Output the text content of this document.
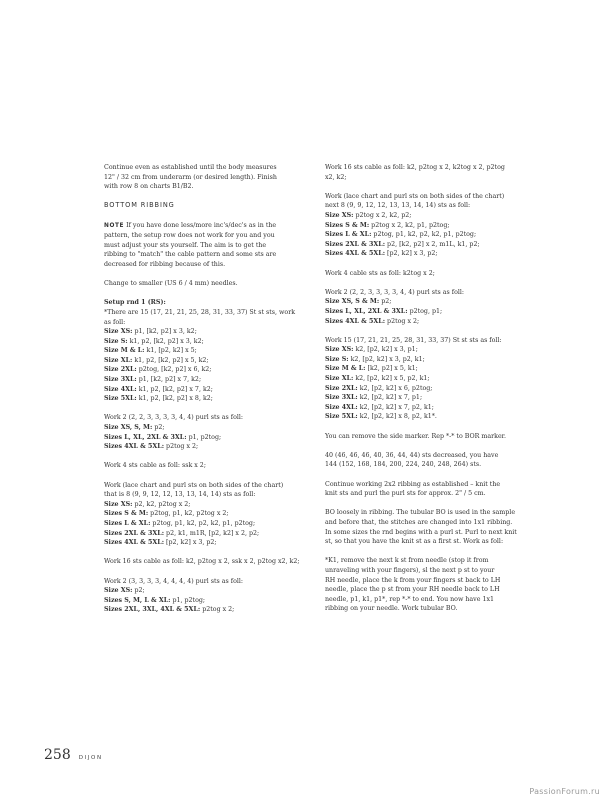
Continue even as established until the body measures
12" / 32 cm from underarm (or desired length). Finish
with row 8 on charts B1/B2.
BOTTOM RIBBING
NOTE If you have done less/more inc's/dec's as in the
pattern, the setup row does not work for you and you
must adjust your sts yourself. The aim is to get the
ribbing to "match" the cable pattern and some sts are
decreased for ribbing because of this.
Change to smaller (US 6 / 4 mm) needles.
Setup rnd 1 (RS):
*There are 15 (17, 21, 21, 25, 28, 31, 33, 37) St st sts, work
as foll:
Size XS: p1, [k2, p2] x 3, k2;
Size S: k1, p2, [k2, p2] x 3, k2;
Size M & L: k1, [p2, k2] x 5;
Size XL: k1, p2, [k2, p2] x 5, k2;
Size 2XL: p2tog, [k2, p2] x 6, k2;
Size 3XL: p1, [k2, p2] x 7, k2;
Size 4XL: k1, p2, [k2, p2] x 7, k2;
Size 5XL: k1, p2, [k2, p2] x 8, k2;
Work 2 (2, 2, 3, 3, 3, 3, 4, 4) purl sts as foll:
Size XS, S, M: p2;
Sizes L, XL, 2XL & 3XL: p1, p2tog;
Sizes 4XL & 5XL: p2tog x 2;
Work 4 sts cable as foll: ssk x 2;
Work (lace chart and purl sts on both sides of the chart)
that is 8 (9, 9, 12, 12, 13, 13, 14, 14) sts as foll:
Size XS: p2, k2, p2tog x 2;
Sizes S & M: p2tog, p1, k2, p2tog x 2;
Sizes L & XL: p2tog, p1, k2, p2, k2, p1, p2tog;
Sizes 2XL & 3XL: p2, k1, m1R, [p2, k2] x 2, p2;
Sizes 4XL & 5XL: [p2, k2] x 3, p2;
Work 16 sts cable as foll: k2, p2tog x 2, ssk x 2, p2tog x2, k2;
Work 2 (3, 3, 3, 3, 4, 4, 4, 4) purl sts as foll:
Size XS: p2;
Sizes S, M, L & XL: p1, p2tog;
Sizes 2XL, 3XL, 4XL & 5XL: p2tog x 2;
Work 16 sts cable as foll: k2, p2tog x 2, k2tog x 2, p2tog
x2, k2;
Work (lace chart and purl sts on both sides of the chart)
next 8 (9, 9, 12, 12, 13, 13, 14, 14) sts as foll:
Size XS: p2tog x 2, k2, p2;
Sizes S & M: p2tog x 2, k2, p1, p2tog;
Sizes L & XL: p2tog, p1, k2, p2, k2, p1, p2tog;
Sizes 2XL & 3XL: p2, [k2, p2] x 2, m1L, k1, p2;
Sizes 4XL & 5XL: [p2, k2] x 3, p2;
Work 4 cable sts as foll: k2tog x 2;
Work 2 (2, 2, 3, 3, 3, 3, 4, 4) purl sts as foll:
Size XS, S & M: p2;
Sizes L, XL, 2XL & 3XL: p2tog, p1;
Sizes 4XL & 5XL: p2tog x 2;
Work 15 (17, 21, 21, 25, 28, 31, 33, 37) St st sts as foll:
Size XS: k2, [p2, k2] x 3, p1;
Size S: k2, [p2, k2] x 3, p2, k1;
Size M & L: [k2, p2] x 5, k1;
Size XL: k2, [p2, k2] x 5, p2, k1;
Size 2XL: k2, [p2, k2] x 6, p2tog;
Size 3XL: k2, [p2, k2] x 7, p1;
Size 4XL: k2, [p2, k2] x 7, p2, k1;
Size 5XL: k2, [p2, k2] x 8, p2, k1*.
You can remove the side marker. Rep *-* to BOR marker.
40 (46, 46, 46, 40, 36, 44, 44) sts decreased, you have
144 (152, 168, 184, 200, 224, 240, 248, 264) sts.
Continue working 2x2 ribbing as established – knit the
knit sts and purl the purl sts for approx. 2" / 5 cm.
BO loosely in ribbing. The tubular BO is used in the sample
and before that, the stitches are changed into 1x1 ribbing.
In some sizes the rnd begins with a purl st. Purl to next knit
st, so that you have the knit st as a first st. Work as foll:
*K1, remove the next k st from needle (stop it from
unraveling with your fingers), sl the next p st to your
RH needle, place the k from your fingers st back to LH
needle, place the p st from your RH needle back to LH
needle, p1, k1, p1*, rep *-* to end. You now have 1x1
ribbing on your needle. Work tubular BO.
258 DIJON
PassionForum.ru
